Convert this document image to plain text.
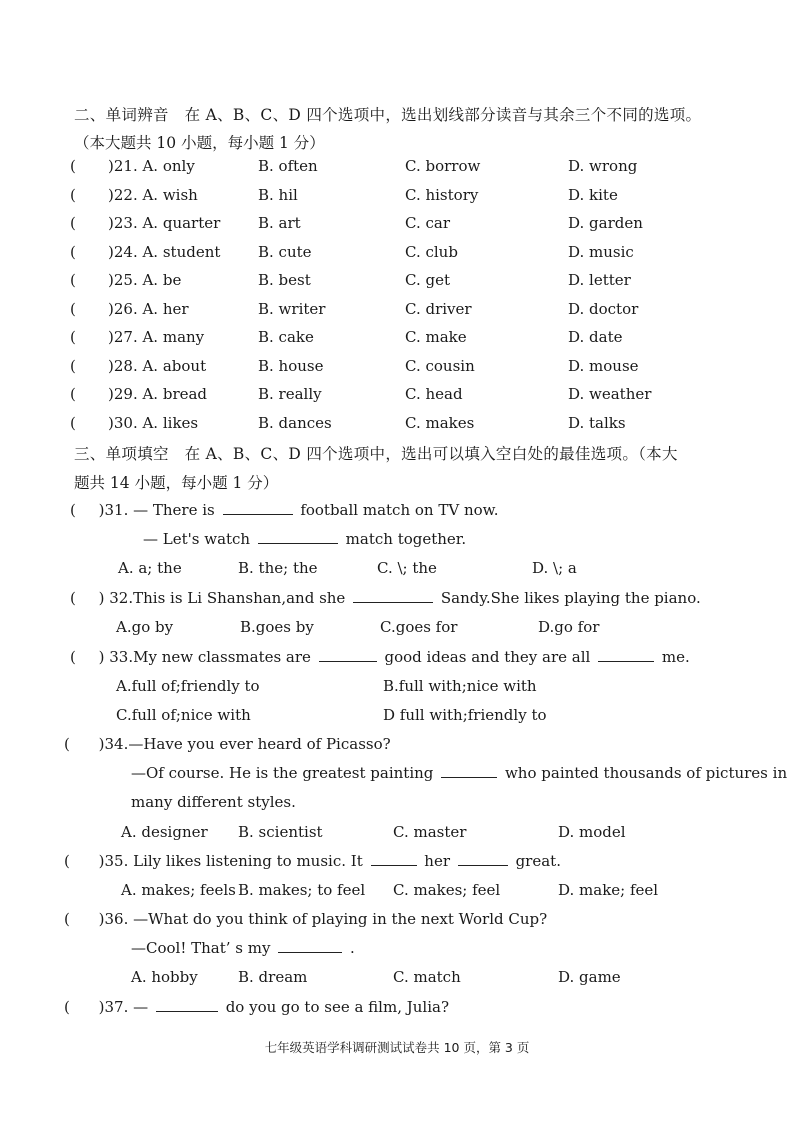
二、单词辨音　在 A、B、C、D 四个选项中，选出划线部分读音与其余三个不同的选项。
（本大题共 10 小题，每小题 1 分）
( )21. A. only	B. often	C. borrow	D. wrong
( )22. A. wish	B. hil	C. history	D. kite
( )23. A. quarter	B. art	C. car	D. garden
( )24. A. student	B. cute	C. club	D. music
( )25. A. be	B. best	C. get	D. letter
( )26. A. her	B. writer	C. driver	D. doctor
( )27. A. many	B. cake	C. make	D. date
( )28. A. about	B. house	C. cousin	D. mouse
( )29. A. bread	B. really	C. head	D. weather
( )30. A. likes	B. dances	C. makes	D. talks
三、单项填空　在 A、B、C、D 四个选项中，选出可以填入空白处的最佳选项。（本大
题共 14 小题，每小题 1 分）
( )31. — There is	football match on TV now.
— Let's watch	match together.
A. a; the	B. the; the	C. \; the	D. \; a
( ) 32.This is Li Shanshan,and she	Sandy.She likes playing the piano.
A.go by	B.goes by	C.goes for	D.go for
( ) 33.My new classmates are	good ideas and they are all	me.
A.full of;friendly to	B.full with;nice with
C.full of;nice with	D full with;friendly to
( )34.—Have you ever heard of Picasso?
—Of course. He is the greatest painting	who painted thousands of pictures in
many different styles.
A. designer B. scientist	C. master	D. model
( )35. Lily likes listening to music. It	her	great.
A. makes; feels B. makes; to feel C. makes; feel	D. make; feel
( )36. —What do you think of playing in the next World Cup?
—Cool! That’ s my	.
A. hobby	B. dream	C. match	D. game
( )37. —	do you go to see a film, Julia?
七年级英语学科调研测试试卷共 10 页，第 3 页
